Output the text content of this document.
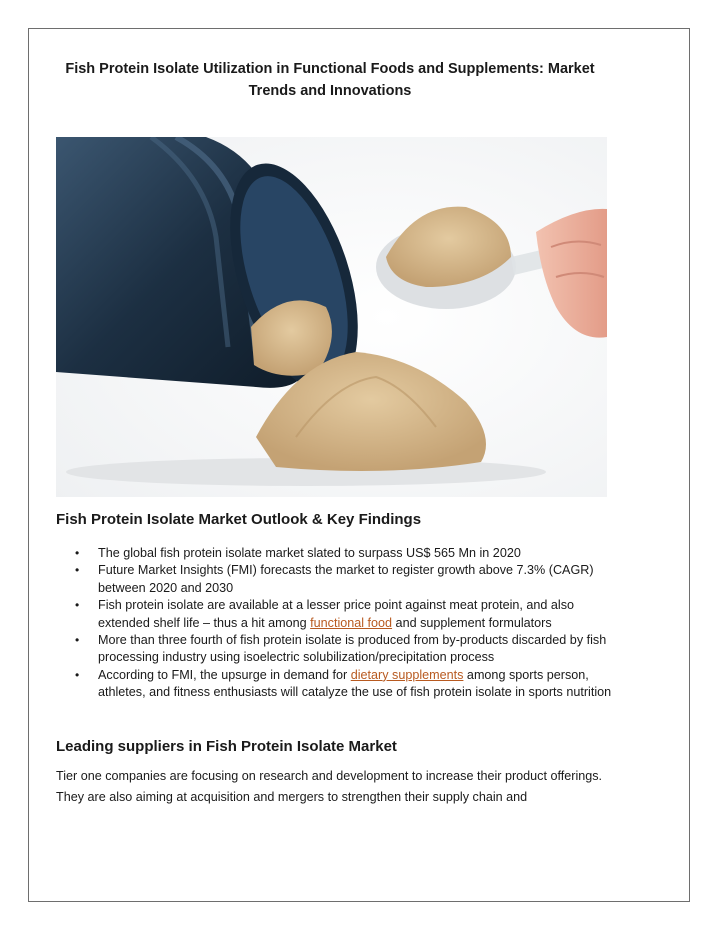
Fish Protein Isolate Utilization in Functional Foods and Supplements: Market Trends and Innovations
Fish Protein Isolate Market Outlook & Key Findings
• The global fish protein isolate market slated to surpass US$ 565 Mn in 2020
• Future Market Insights (FMI) forecasts the market to register growth above 7.3% (CAGR) between 2020 and 2030
• Fish protein isolate are available at a lesser price point against meat protein, and also extended shelf life – thus a hit among functional food and supplement formulators
• More than three fourth of fish protein isolate is produced from by-products discarded by fish processing industry using isoelectric solubilization/precipitation process
• According to FMI, the upsurge in demand for dietary supplements among sports person, athletes, and fitness enthusiasts will catalyze the use of fish protein isolate in sports nutrition
Leading suppliers in Fish Protein Isolate Market

Tier one companies are focusing on research and development to increase their product offerings. They are also aiming at acquisition and mergers to strengthen their supply chain and
